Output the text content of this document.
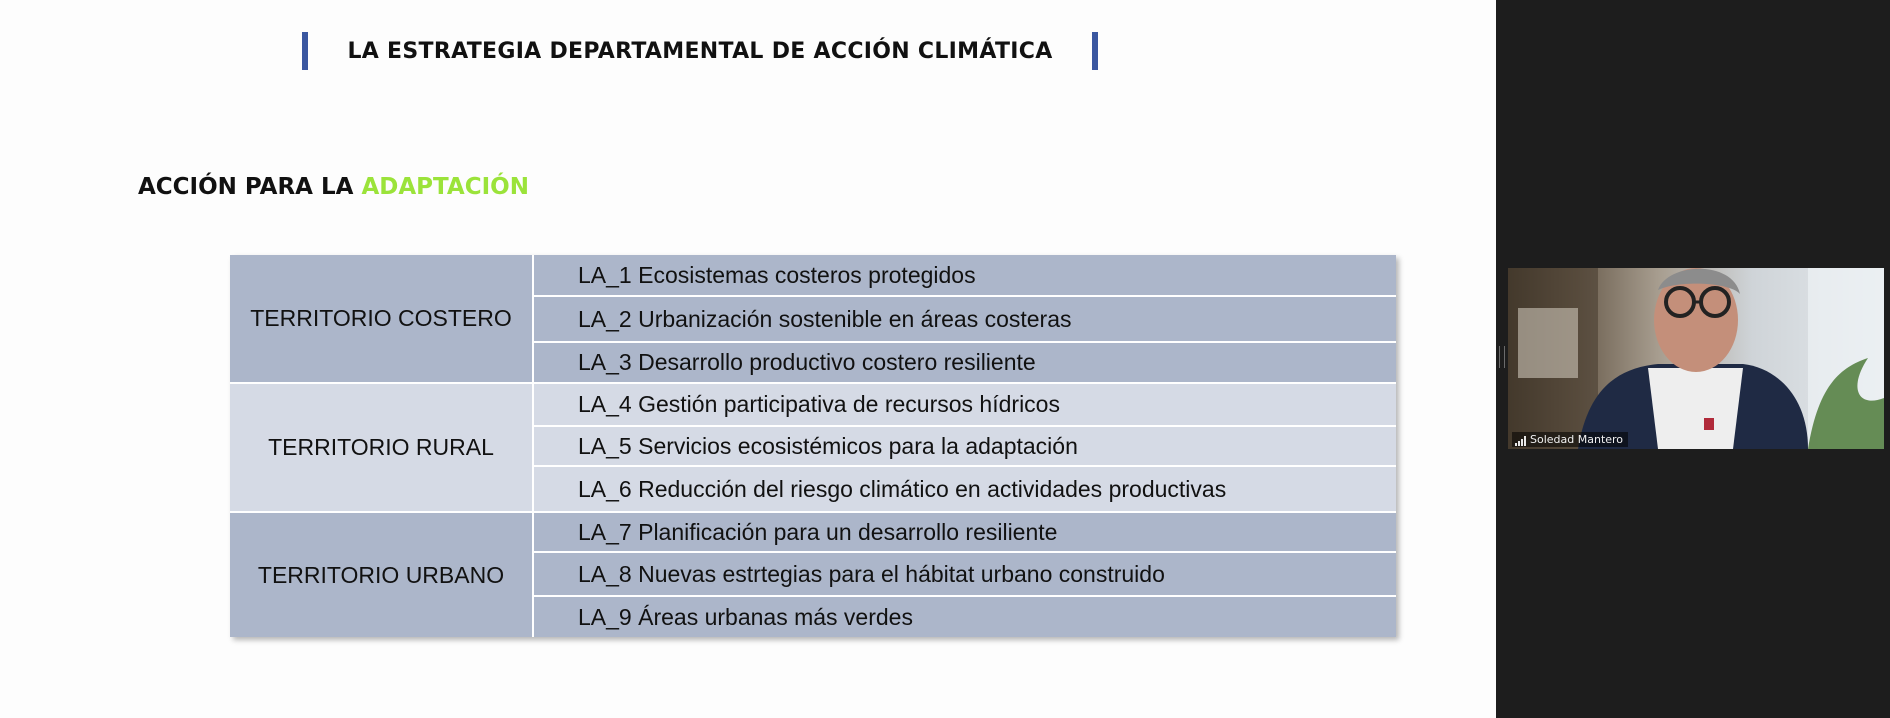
LA ESTRATEGIA DEPARTAMENTAL DE ACCIÓN CLIMÁTICA
ACCIÓN PARA LA ADAPTACIÓN
TERRITORIO COSTERO	LA_1 Ecosistemas costeros protegidos
	LA_2 Urbanización sostenible en áreas costeras
	LA_3 Desarrollo productivo costero resiliente
TERRITORIO RURAL	LA_4 Gestión participativa de recursos hídricos
	LA_5 Servicios ecosistémicos para la adaptación
	LA_6 Reducción del riesgo climático en actividades productivas
TERRITORIO URBANO	LA_7 Planificación para un desarrollo resiliente
	LA_8 Nuevas estrtegias para el hábitat urbano construido
	LA_9 Áreas urbanas más verdes
Soledad Mantero
